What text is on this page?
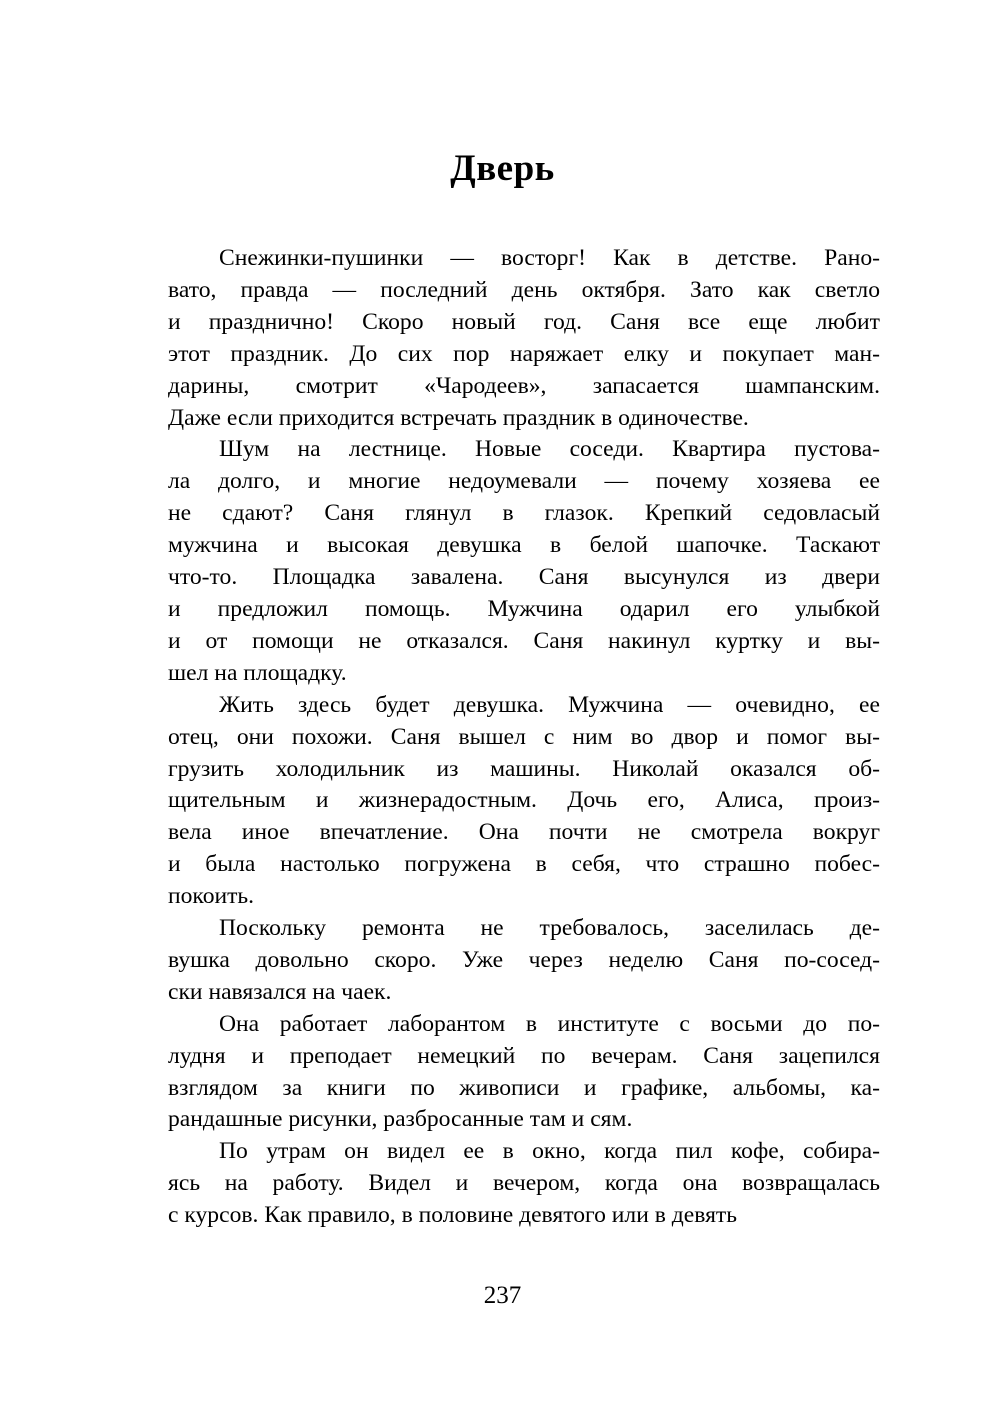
Дверь

Снежинки-пушинки — восторг! Как в детстве. Рано-
вато, правда — последний день октября. Зато как светло
и празднично! Скоро новый год. Саня все еще любит
этот праздник. До сих пор наряжает елку и покупает ман-
дарины, смотрит «Чародеев», запасается шампанским.
Даже если приходится встречать праздник в одиночестве.

Шум на лестнице. Новые соседи. Квартира пустова-
ла долго, и многие недоумевали — почему хозяева ее
не сдают? Саня глянул в глазок. Крепкий седовласый
мужчина и высокая девушка в белой шапочке. Таскают
что-то. Площадка завалена. Саня высунулся из двери
и предложил помощь. Мужчина одарил его улыбкой
и от помощи не отказался. Саня накинул куртку и вы-
шел на площадку.

Жить здесь будет девушка. Мужчина — очевидно, ее
отец, они похожи. Саня вышел с ним во двор и помог вы-
грузить холодильник из машины. Николай оказался об-
щительным и жизнерадостным. Дочь его, Алиса, произ-
вела иное впечатление. Она почти не смотрела вокруг
и была настолько погружена в себя, что страшно побес-
покоить.

Поскольку ремонта не требовалось, заселилась де-
вушка довольно скоро. Уже через неделю Саня по-сосед-
ски навязался на чаек.

Она работает лаборантом в институте с восьми до по-
лудня и преподает немецкий по вечерам. Саня зацепился
взглядом за книги по живописи и графике, альбомы, ка-
рандашные рисунки, разбросанные там и сям.

По утрам он видел ее в окно, когда пил кофе, собира-
ясь на работу. Видел и вечером, когда она возвращалась
с курсов. Как правило, в половине девятого или в девять

237
